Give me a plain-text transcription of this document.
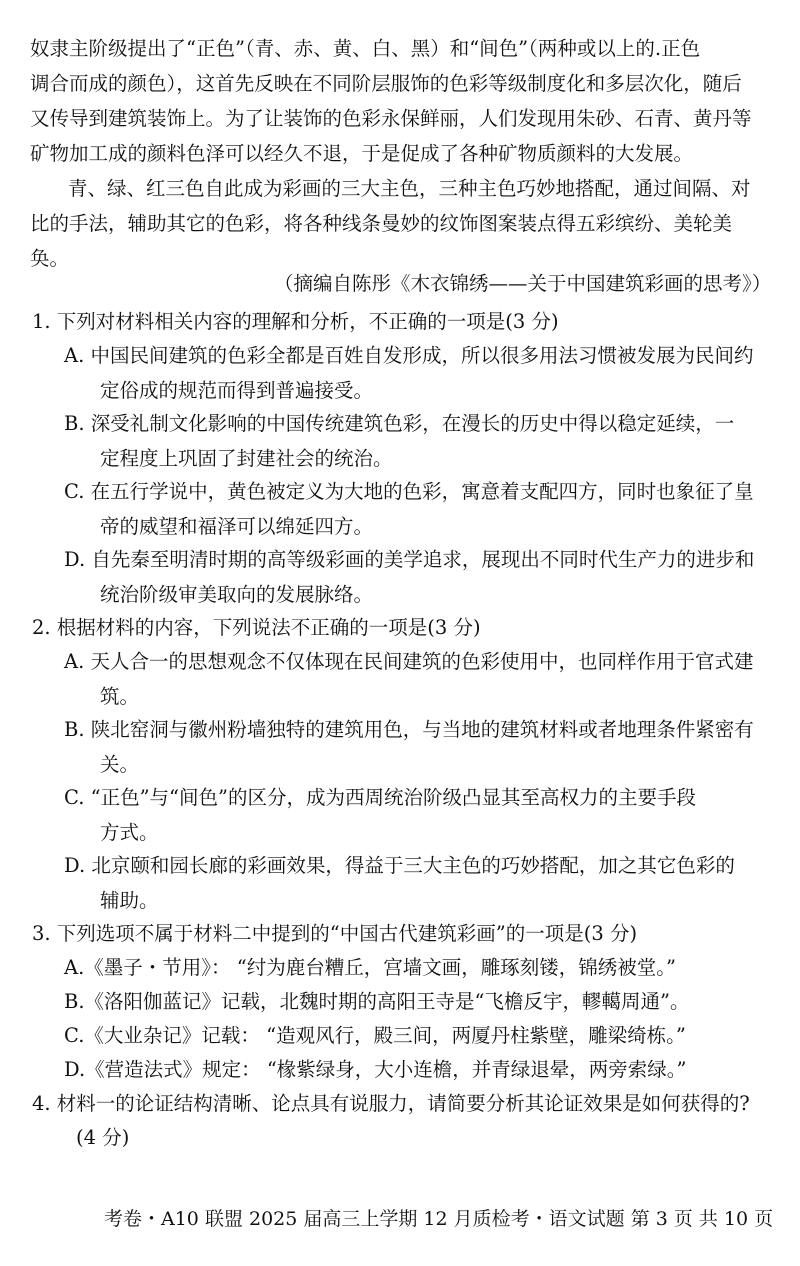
奴隶主阶级提出了“正色”（青、赤、黄、白、黑）和“间色”（两种或以上的.正色
调合而成的颜色），这首先反映在不同阶层服饰的色彩等级制度化和多层次化，随后
又传导到建筑装饰上。为了让装饰的色彩永保鲜丽，人们发现用朱砂、石青、黄丹等
矿物加工成的颜料色泽可以经久不退，于是促成了各种矿物质颜料的大发展。
青、绿、红三色自此成为彩画的三大主色，三种主色巧妙地搭配，通过间隔、对
比的手法，辅助其它的色彩，将各种线条曼妙的纹饰图案装点得五彩缤纷、美轮美
奂。
（摘编自陈彤《木衣锦绣——关于中国建筑彩画的思考》）
1. 下列对材料相关内容的理解和分析，不正确的一项是(3 分)
A. 中国民间建筑的色彩全都是百姓自发形成，所以很多用法习惯被发展为民间约
定俗成的规范而得到普遍接受。
B. 深受礼制文化影响的中国传统建筑色彩，在漫长的历史中得以稳定延续，一
定程度上巩固了封建社会的统治。
C. 在五行学说中，黄色被定义为大地的色彩，寓意着支配四方，同时也象征了皇
帝的威望和福泽可以绵延四方。
D. 自先秦至明清时期的高等级彩画的美学追求，展现出不同时代生产力的进步和
统治阶级审美取向的发展脉络。
2. 根据材料的内容，下列说法不正确的一项是(3 分)
A. 天人合一的思想观念不仅体现在民间建筑的色彩使用中，也同样作用于官式建
筑。
B. 陕北窑洞与徽州粉墙独特的建筑用色，与当地的建筑材料或者地理条件紧密有
关。
C. “正色”与“间色”的区分，成为西周统治阶级凸显其至高权力的主要手段
方式。
D. 北京颐和园长廊的彩画效果，得益于三大主色的巧妙搭配，加之其它色彩的
辅助。
3. 下列选项不属于材料二中提到的“中国古代建筑彩画”的一项是(3 分)
A.《墨子・节用》： “纣为鹿台糟丘，宫墙文画，雕琢刻镂，锦绣被堂。”
B.《洛阳伽蓝记》记载，北魏时期的高阳王寺是“飞檐反宇，轇轕周通”。
C.《大业杂记》记载： “造观风行，殿三间，两厦丹柱紫壁，雕梁绮栋。”
D.《营造法式》规定： “椽紫绿身，大小连檐，并青绿退晕，两旁索绿。”
4. 材料一的论证结构清晰、论点具有说服力，请简要分析其论证效果是如何获得的?
(4 分)
考卷・A10 联盟 2025 届高三上学期 12 月质检考・语文试题 第 3 页 共 10 页
